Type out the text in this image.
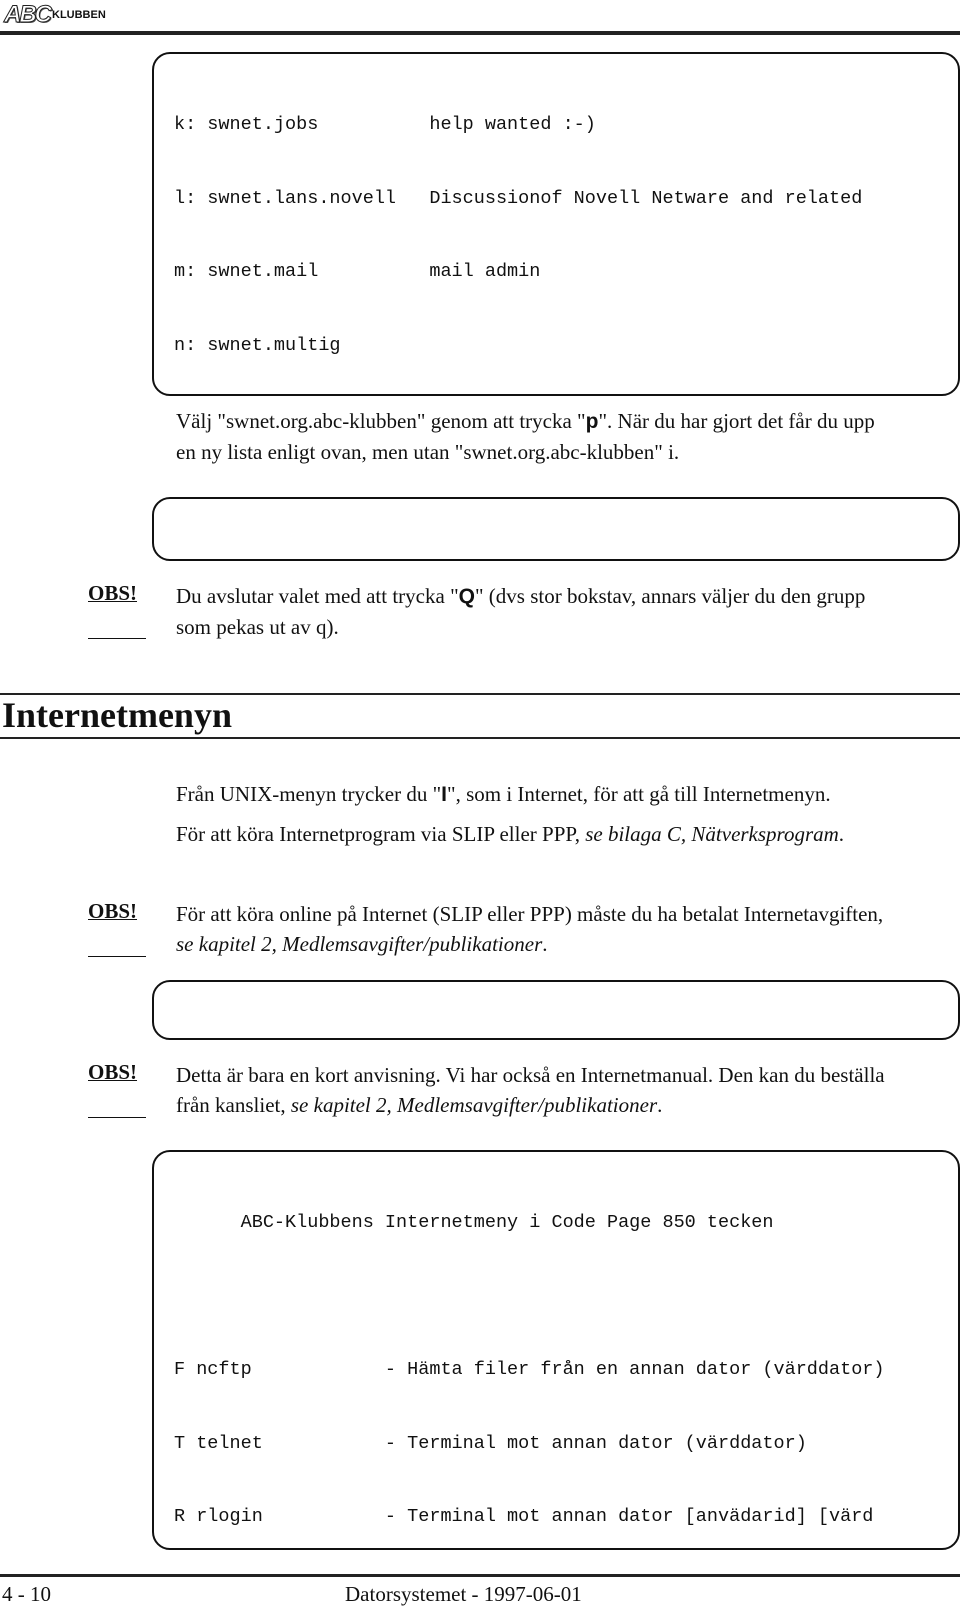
ABC KLUBBEN

k: swnet.jobs          help wanted :-)

l: swnet.lans.novell   Discussionof Novell Netware and related

m: swnet.mail          mail admin

n: swnet.multig

Välj "swnet.org.abc-klubben" genom att trycka "p". När du har gjort det får du upp
en ny lista enligt ovan, men utan "swnet.org.abc-klubben" i.

OBS!	Du avslutar valet med att trycka "Q" (dvs stor bokstav, annars väljer du den grupp
som pekas ut av q).
Internetmenyn
Från UNIX-menyn trycker du "I", som i Internet, för att gå till Internetmenyn.
För att köra Internetprogram via SLIP eller PPP, se bilaga C, Nätverksprogram.
OBS!	För att köra online på Internet (SLIP eller PPP) måste du ha betalat Internetavgiften,
se kapitel 2, Medlemsavgifter/publikationer.

OBS!	Detta är bara en kort anvisning. Vi har också en Internetmanual. Den kan du beställa
från kansliet, se kapitel 2, Medlemsavgifter/publikationer.

ABC-Klubbens Internetmeny i Code Page 850 tecken

F ncftp            - Hämta filer från en annan dator (värddator)

T telnet           - Terminal mot annan dator (värddator)

R rlogin           - Terminal mot annan dator [anvädarid] [värd

4 - 10	Datorsystemet - 1997-06-01
